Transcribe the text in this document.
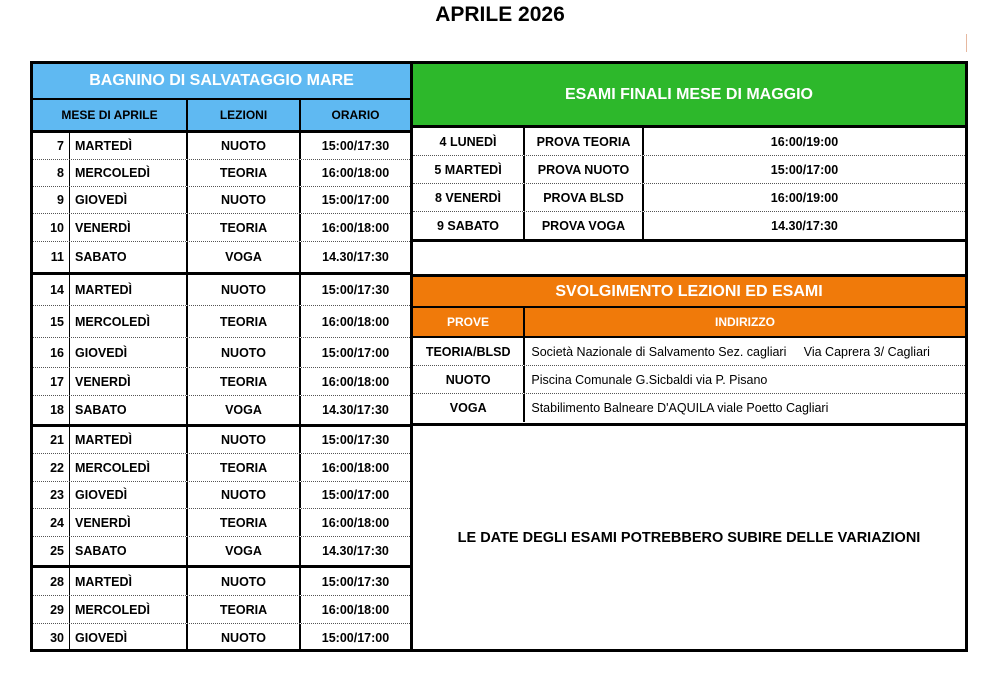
APRILE 2026
BAGNINO DI SALVATAGGIO MARE
MESE DI APRILE	LEZIONI	ORARIO
7 MARTEDÌ	NUOTO	15:00/17:30
8 MERCOLEDÌ	TEORIA	16:00/18:00
9 GIOVEDÌ	NUOTO	15:00/17:00
10 VENERDÌ	TEORIA	16:00/18:00
11 SABATO	VOGA	14.30/17:30
14 MARTEDÌ	NUOTO	15:00/17:30
15 MERCOLEDÌ	TEORIA	16:00/18:00
16 GIOVEDÌ	NUOTO	15:00/17:00
17 VENERDÌ	TEORIA	16:00/18:00
18 SABATO	VOGA	14.30/17:30
21 MARTEDÌ	NUOTO	15:00/17:30
22 MERCOLEDÌ	TEORIA	16:00/18:00
23 GIOVEDÌ	NUOTO	15:00/17:00
24 VENERDÌ	TEORIA	16:00/18:00
25 SABATO	VOGA	14.30/17:30
28 MARTEDÌ	NUOTO	15:00/17:30
29 MERCOLEDÌ	TEORIA	16:00/18:00
30 GIOVEDÌ	NUOTO	15:00/17:00
ESAMI FINALI MESE DI MAGGIO
4 LUNEDÌ	PROVA TEORIA	16:00/19:00
5 MARTEDÌ	PROVA NUOTO	15:00/17:00
8 VENERDÌ	PROVA BLSD	16:00/19:00
9 SABATO	PROVA VOGA	14.30/17:30
SVOLGIMENTO LEZIONI ED ESAMI
PROVE	INDIRIZZO
TEORIA/BLSD	Società Nazionale di Salvamento Sez. cagliari     Via Caprera 3/ Cagliari
NUOTO	Piscina Comunale G.Sicbaldi via P. Pisano
VOGA	Stabilimento Balneare D'AQUILA viale Poetto Cagliari
LE DATE DEGLI ESAMI POTREBBERO SUBIRE DELLE VARIAZIONI
